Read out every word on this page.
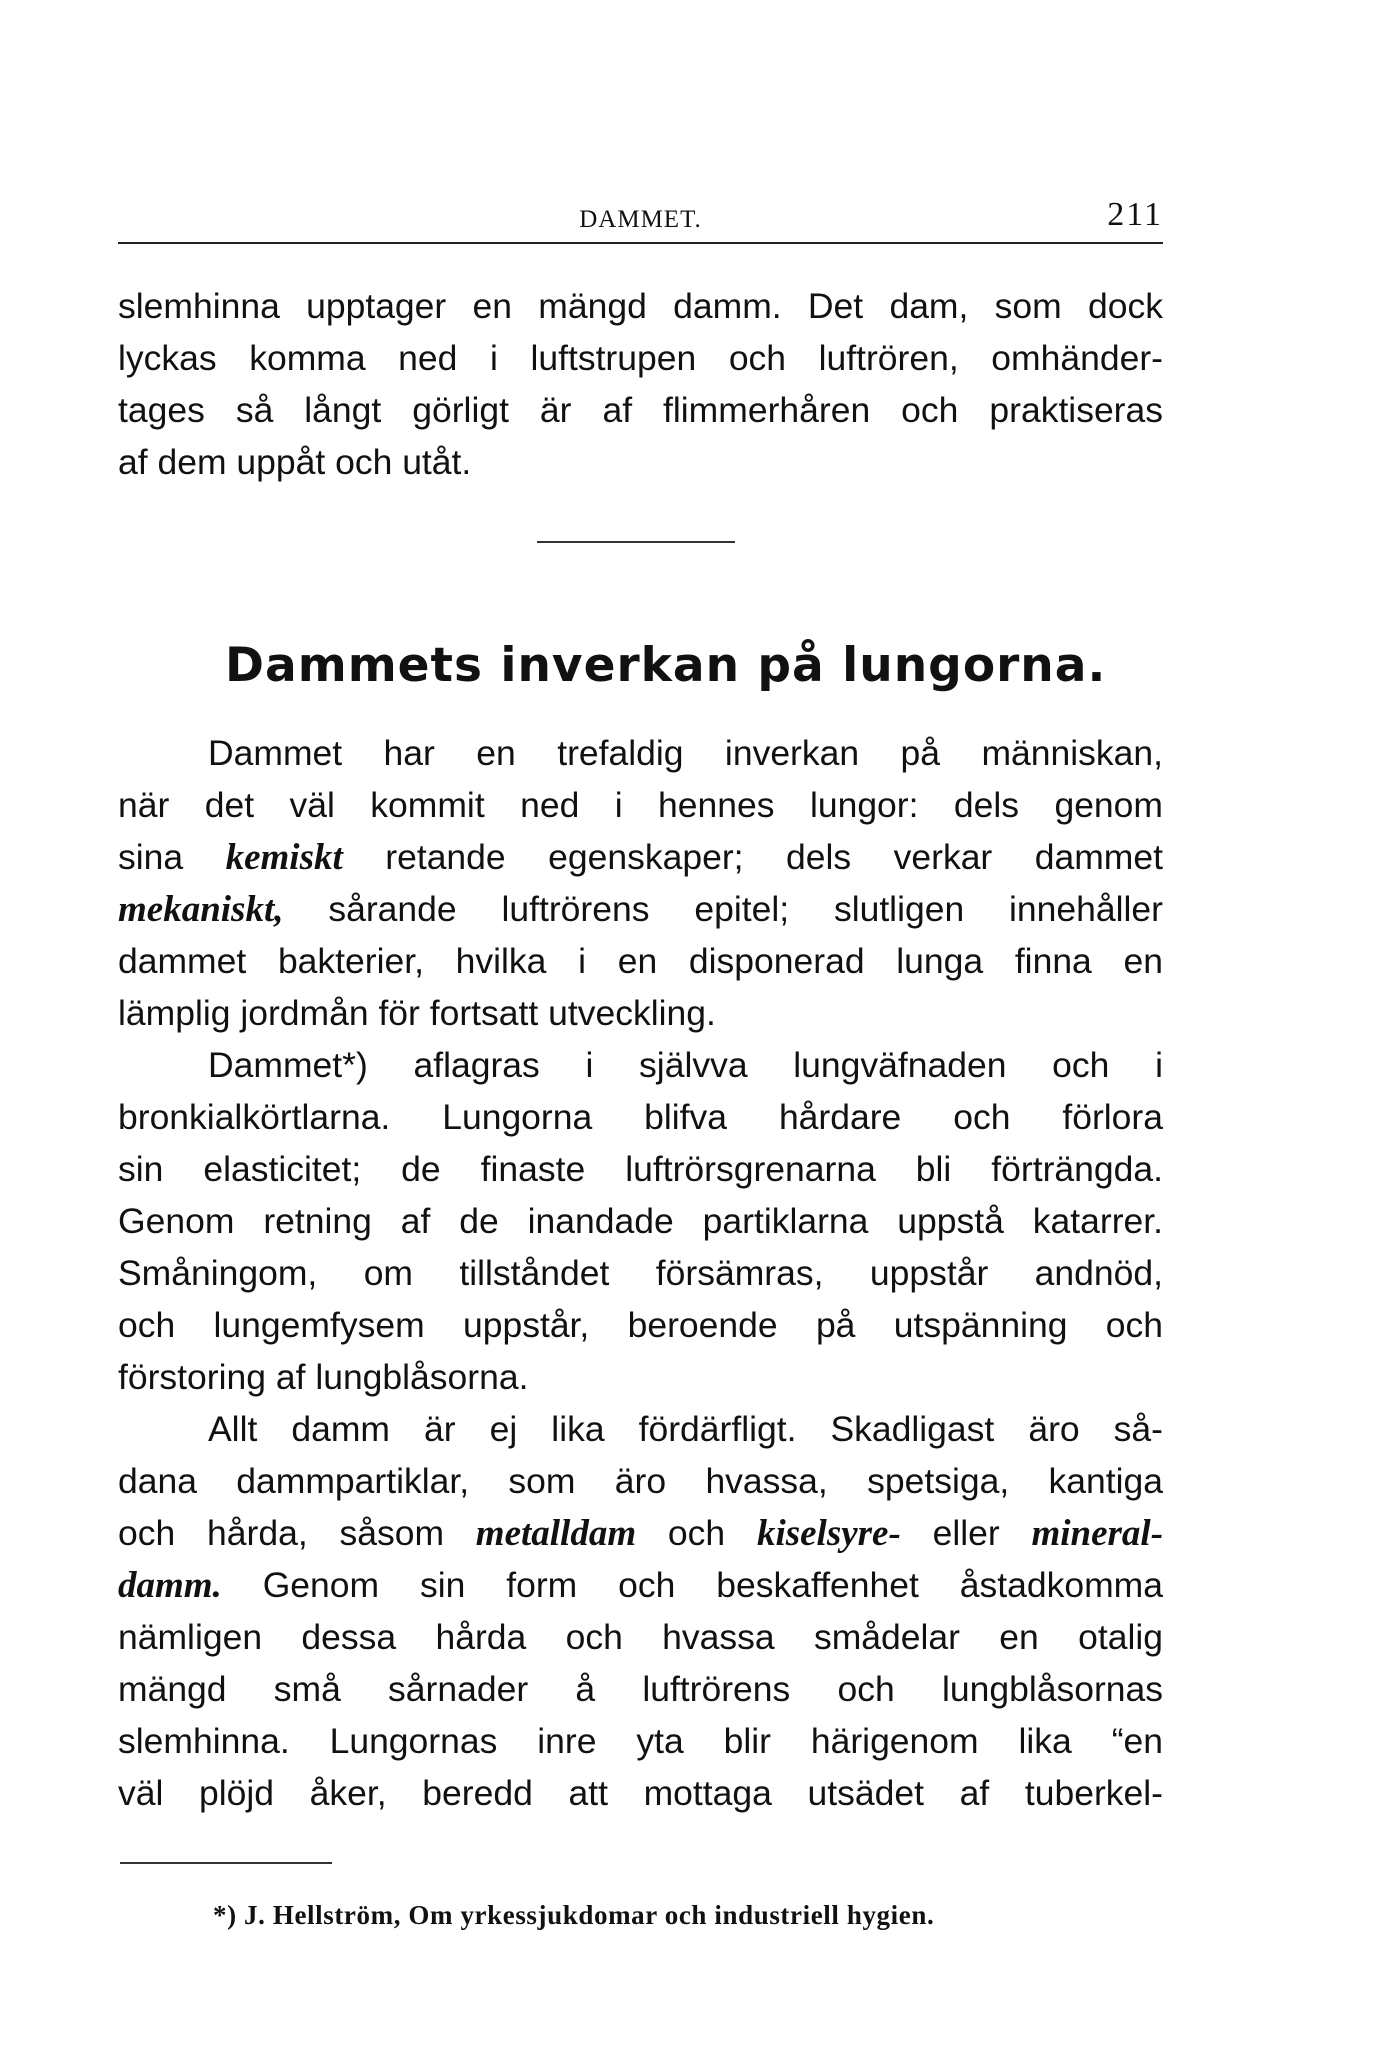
DAMMET.	211
slemhinna upptager en mängd damm. Det dam, som dock
lyckas komma ned i luftstrupen och luftrören, omhänder-
tages så långt görligt är af flimmerhåren och praktiseras
af dem uppåt och utåt.
Dammets inverkan på lungorna.
Dammet har en trefaldig inverkan på människan,
när det väl kommit ned i hennes lungor: dels genom
sina kemiskt retande egenskaper; dels verkar dammet
mekaniskt, sårande luftrörens epitel; slutligen innehåller
dammet bakterier, hvilka i en disponerad lunga finna en
lämplig jordmån för fortsatt utveckling.
Dammet*) aflagras i självva lungväfnaden och i
bronkialkörtlarna. Lungorna blifva hårdare och förlora
sin elasticitet; de finaste luftrörsgrenarna bli förträngda.
Genom retning af de inandade partiklarna uppstå katarrer.
Småningom, om tillståndet försämras, uppstår andnöd,
och lungemfysem uppstår, beroende på utspänning och
förstoring af lungblåsorna.
Allt damm är ej lika fördärfligt. Skadligast äro så-
dana dammpartiklar, som äro hvassa, spetsiga, kantiga
och hårda, såsom metalldam och kiselsyre- eller mineral-
damm. Genom sin form och beskaffenhet åstadkomma
nämligen dessa hårda och hvassa smådelar en otalig
mängd små sårnader å luftrörens och lungblåsornas
slemhinna. Lungornas inre yta blir härigenom lika “en
väl plöjd åker, beredd att mottaga utsädet af tuberkel-

*) J. Hellström, Om yrkessjukdomar och industriell hygien.
